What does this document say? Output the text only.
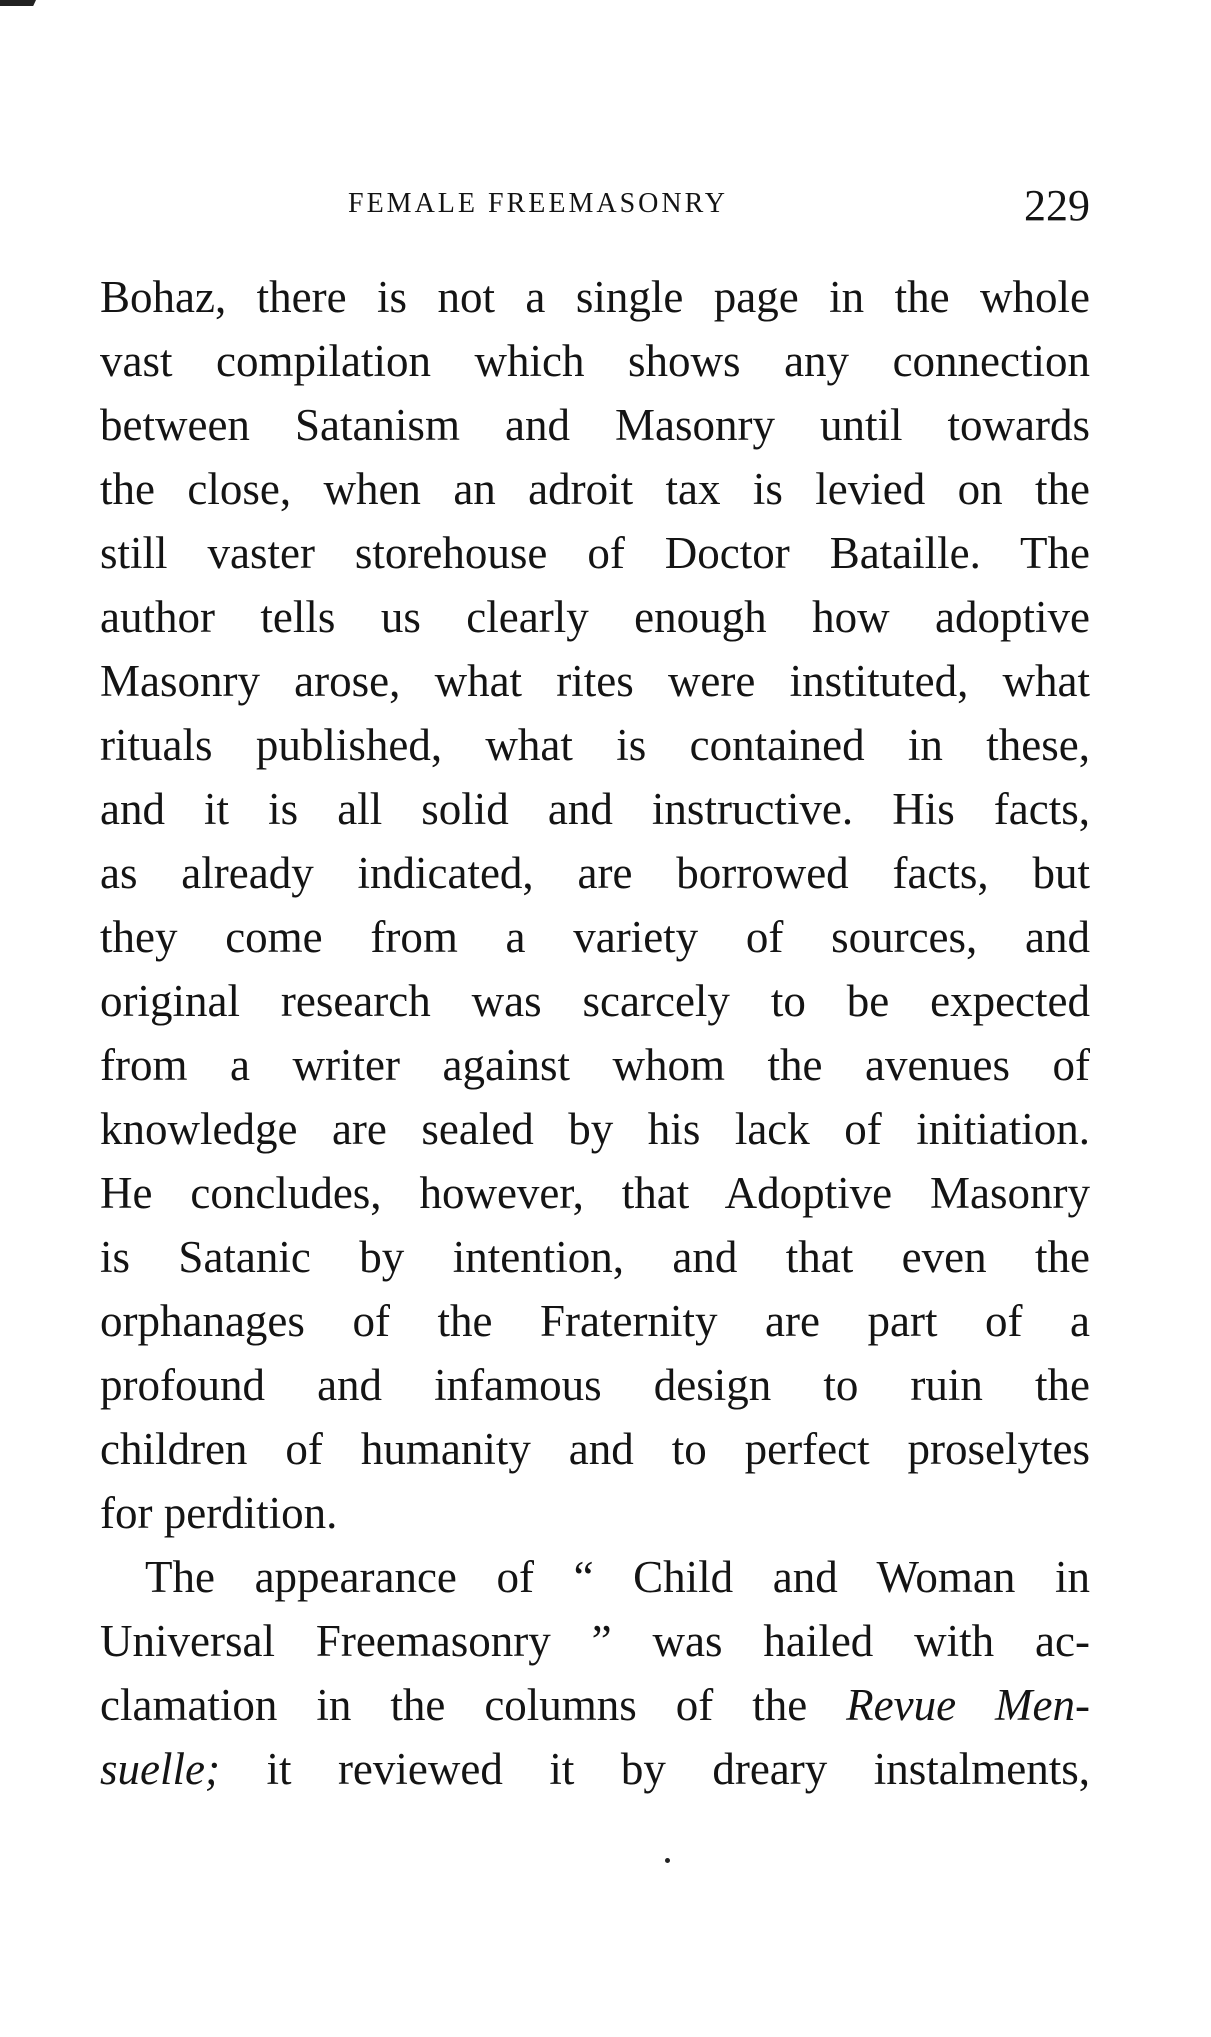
FEMALE FREEMASONRY	229
Bohaz, there is not a single page in the whole
vast compilation which shows any connection
between Satanism and Masonry until towards
the close, when an adroit tax is levied on the
still vaster storehouse of Doctor Bataille. The
author tells us clearly enough how adoptive
Masonry arose, what rites were instituted, what
rituals published, what is contained in these,
and it is all solid and instructive. His facts,
as already indicated, are borrowed facts, but
they come from a variety of sources, and
original research was scarcely to be expected
from a writer against whom the avenues of
knowledge are sealed by his lack of initiation.
He concludes, however, that Adoptive Masonry
is Satanic by intention, and that even the
orphanages of the Fraternity are part of a
profound and infamous design to ruin the
children of humanity and to perfect proselytes
for perdition.
The appearance of “ Child and Woman in
Universal Freemasonry ” was hailed with ac-
clamation in the columns of the Revue Men-
suelle; it reviewed it by dreary instalments,
